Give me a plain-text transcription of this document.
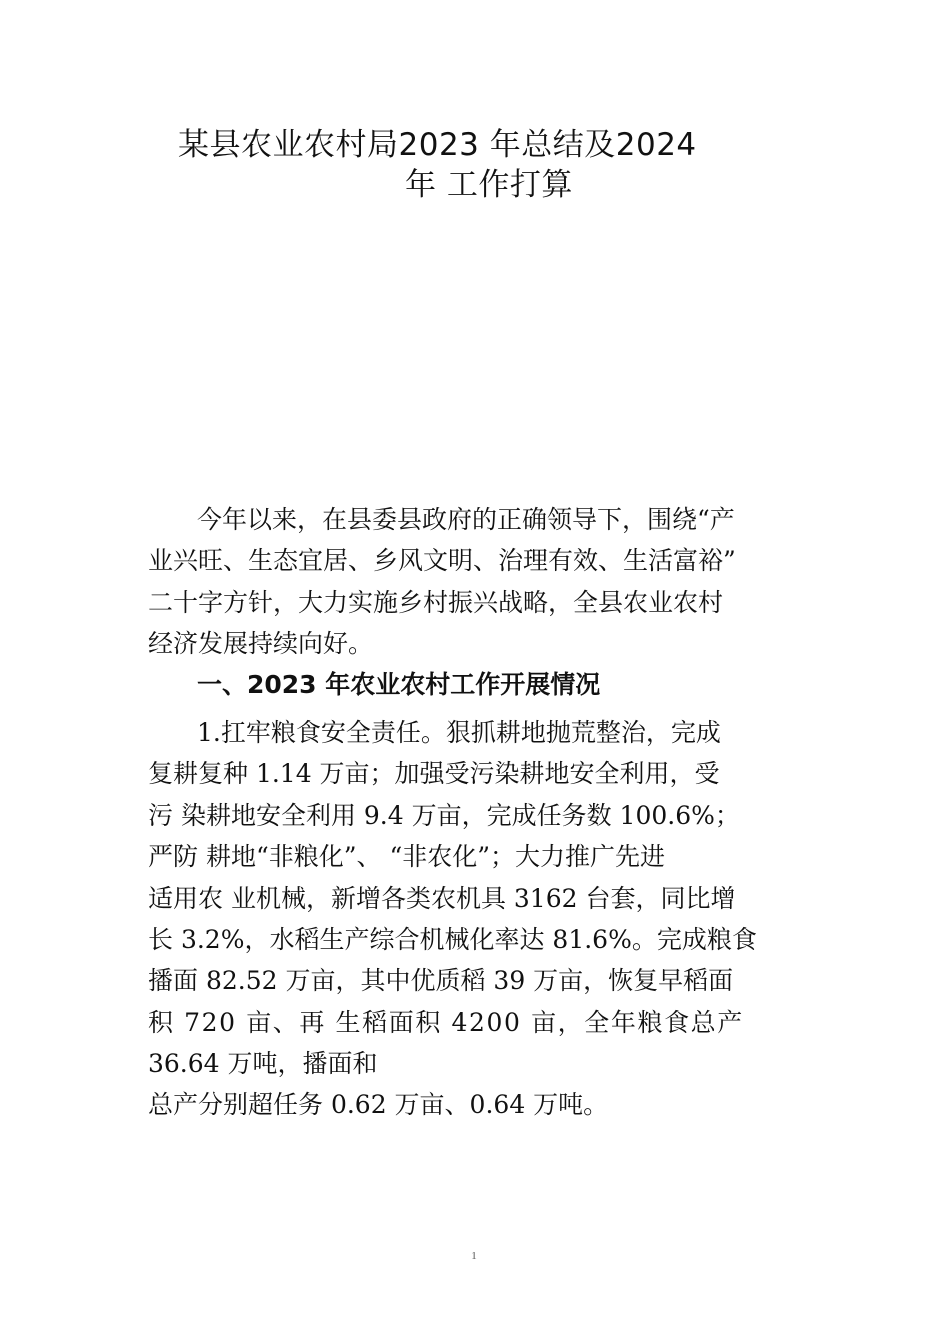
某县农业农村局2023 年总结及2024
年 工作打算
今年以来，在县委县政府的正确领导下，围绕“产
业兴旺、生态宜居、乡风文明、治理有效、生活富裕”
二十字方针，大力实施乡村振兴战略，全县农业农村
经济发展持续向好。
一、2023 年农业农村工作开展情况
1.扛牢粮食安全责任。狠抓耕地抛荒整治，完成
复耕复种 1.14 万亩；加强受污染耕地安全利用，受
污 染耕地安全利用 9.4 万亩，完成任务数 100.6%；
严防 耕地“非粮化”、 “非农化”；大力推广先进
适用农 业机械，新增各类农机具 3162 台套，同比增
长 3.2%，水稻生产综合机械化率达 81.6%。完成粮食
播面 82.52 万亩，其中优质稻 39 万亩，恢复早稻面
积 720 亩、再 生稻面积 4200 亩，全年粮食总产
36.64 万吨，播面和
总产分别超任务 0.62 万亩、0.64 万吨。
1
